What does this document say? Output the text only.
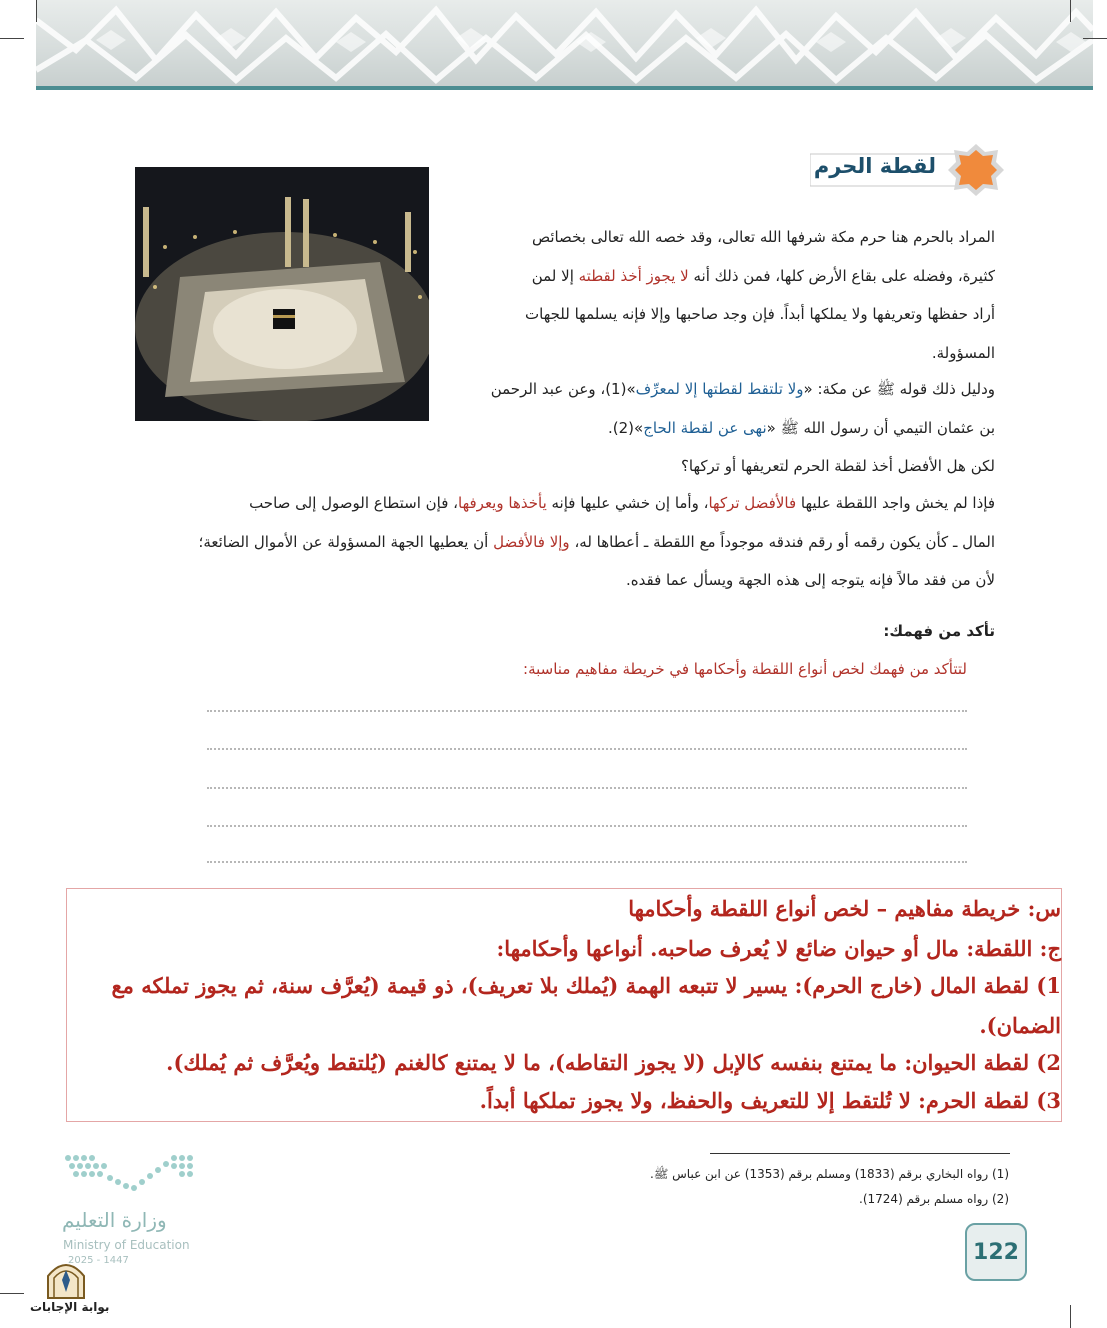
لقطة الحرم
المراد بالحرم هنا حرم مكة شرفها الله تعالى، وقد خصه الله تعالى بخصائص
كثيرة، وفضله على بقاع الأرض كلها، فمن ذلك أنه لا يجوز أخذ لقطته إلا لمن
أراد حفظها وتعريفها ولا يملكها أبداً. فإن وجد صاحبها وإلا فإنه يسلمها للجهات
المسؤولة.
ودليل ذلك قوله ﷺ عن مكة: «ولا تلتقط لقطتها إلا لمعرِّف»(1)، وعن عبد الرحمن
بن عثمان التيمي أن رسول الله ﷺ «نهى عن لقطة الحاج»(2).
لكن هل الأفضل أخذ لقطة الحرم لتعريفها أو تركها؟
فإذا لم يخش واجد اللقطة عليها فالأفضل تركها، وأما إن خشي عليها فإنه يأخذها ويعرفها، فإن استطاع الوصول إلى صاحب
المال ـ كأن يكون رقمه أو رقم فندقه موجوداً مع اللقطة ـ أعطاها له، وإلا فالأفضل أن يعطيها الجهة المسؤولة عن الأموال الضائعة؛
لأن من فقد مالاً فإنه يتوجه إلى هذه الجهة ويسأل عما فقده.
تأكد من فهمك:
لتتأكد من فهمك لخص أنواع اللقطة وأحكامها في خريطة مفاهيم مناسبة:
س: خريطة مفاهيم – لخص أنواع اللقطة وأحكامها
ج: اللقطة: مال أو حيوان ضائع لا يُعرف صاحبه. أنواعها وأحكامها:
1) لقطة المال (خارج الحرم): يسير لا تتبعه الهمة (يُملك بلا تعريف)، ذو قيمة (يُعرَّف سنة، ثم يجوز تملكه مع الضمان).
2) لقطة الحيوان: ما يمتنع بنفسه كالإبل (لا يجوز التقاطه)، ما لا يمتنع كالغنم (يُلتقط ويُعرَّف ثم يُملك).
3) لقطة الحرم: لا تُلتقط إلا للتعريف والحفظ، ولا يجوز تملكها أبداً.
(1) رواه البخاري برقم (1833) ومسلم برقم (1353) عن ابن عباس ﷺ.
(2) رواه مسلم برقم (1724).
122
وزارة التعليم
Ministry of Education
2025 - 1447
بوابة الإجابات
